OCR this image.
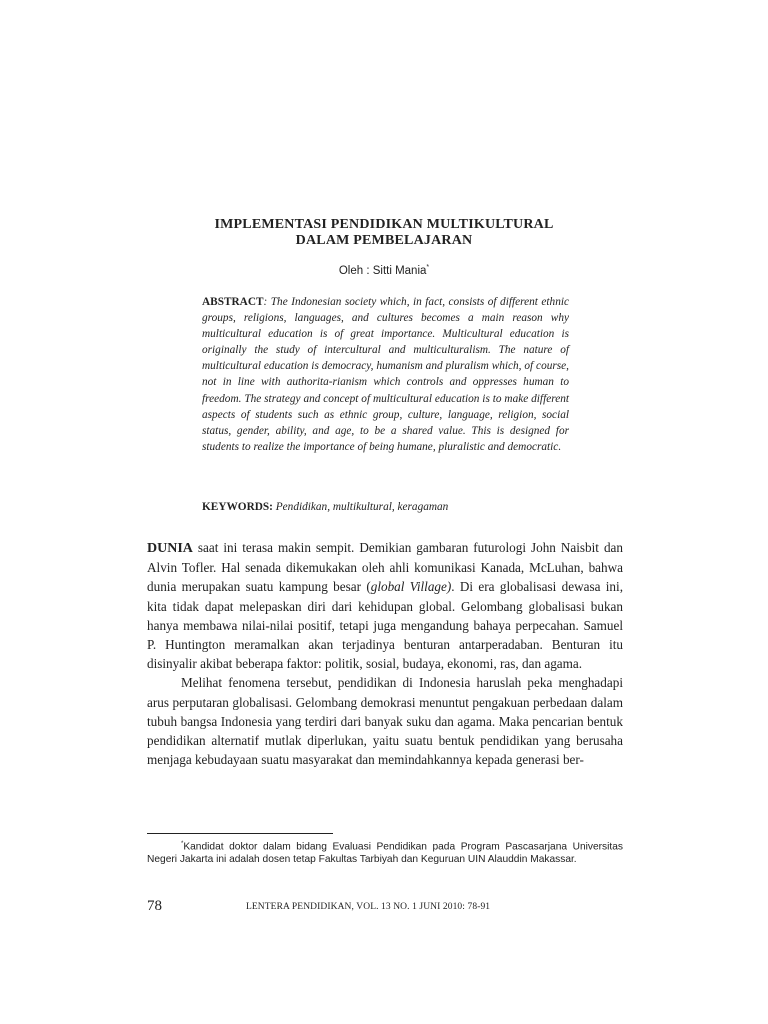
IMPLEMENTASI PENDIDIKAN MULTIKULTURAL
DALAM PEMBELAJARAN
Oleh : Sitti Mania*
ABSTRACT: The Indonesian society which, in fact, consists of different ethnic groups, religions, languages, and cultures becomes a main reason why multicultural education is of great importance. Multicultural education is originally the study of intercultural and multiculturalism. The nature of multicultural education is democracy, humanism and pluralism which, of course, not in line with authorita-rianism which controls and oppresses human to freedom. The strategy and concept of multicultural education is to make different aspects of students such as ethnic group, culture, language, religion, social status, gender, ability, and age, to be a shared value. This is designed for students to realize the importance of being humane, pluralistic and democratic.
KEYWORDS: Pendidikan, multikultural, keragaman

DUNIA saat ini terasa makin sempit. Demikian gambaran futurologi John Naisbit dan Alvin Tofler. Hal senada dikemukakan oleh ahli komunikasi Kanada, McLuhan, bahwa dunia merupakan suatu kampung besar (global Village). Di era globalisasi dewasa ini, kita tidak dapat melepaskan diri dari kehidupan global. Gelombang globalisasi bukan hanya membawa nilai-nilai positif, tetapi juga mengandung bahaya perpecahan. Samuel P. Huntington meramalkan akan terjadinya benturan antarperadaban. Benturan itu disinyalir akibat beberapa faktor: politik, sosial, budaya, ekonomi, ras, dan agama.

Melihat fenomena tersebut, pendidikan di Indonesia haruslah peka menghadapi arus perputaran globalisasi. Gelombang demokrasi menuntut pengakuan perbedaan dalam tubuh bangsa Indonesia yang terdiri dari banyak suku dan agama. Maka pencarian bentuk pendidikan alternatif mutlak diperlukan, yaitu suatu bentuk pendidikan yang berusaha menjaga kebudayaan suatu masyarakat dan memindahkannya kepada generasi ber-

*Kandidat doktor dalam bidang Evaluasi Pendidikan pada Program Pascasarjana Universitas Negeri Jakarta ini adalah dosen tetap Fakultas Tarbiyah dan Keguruan UIN Alauddin Makassar.
78	LENTERA PENDIDIKAN, VOL. 13 NO. 1 JUNI 2010: 78-91
